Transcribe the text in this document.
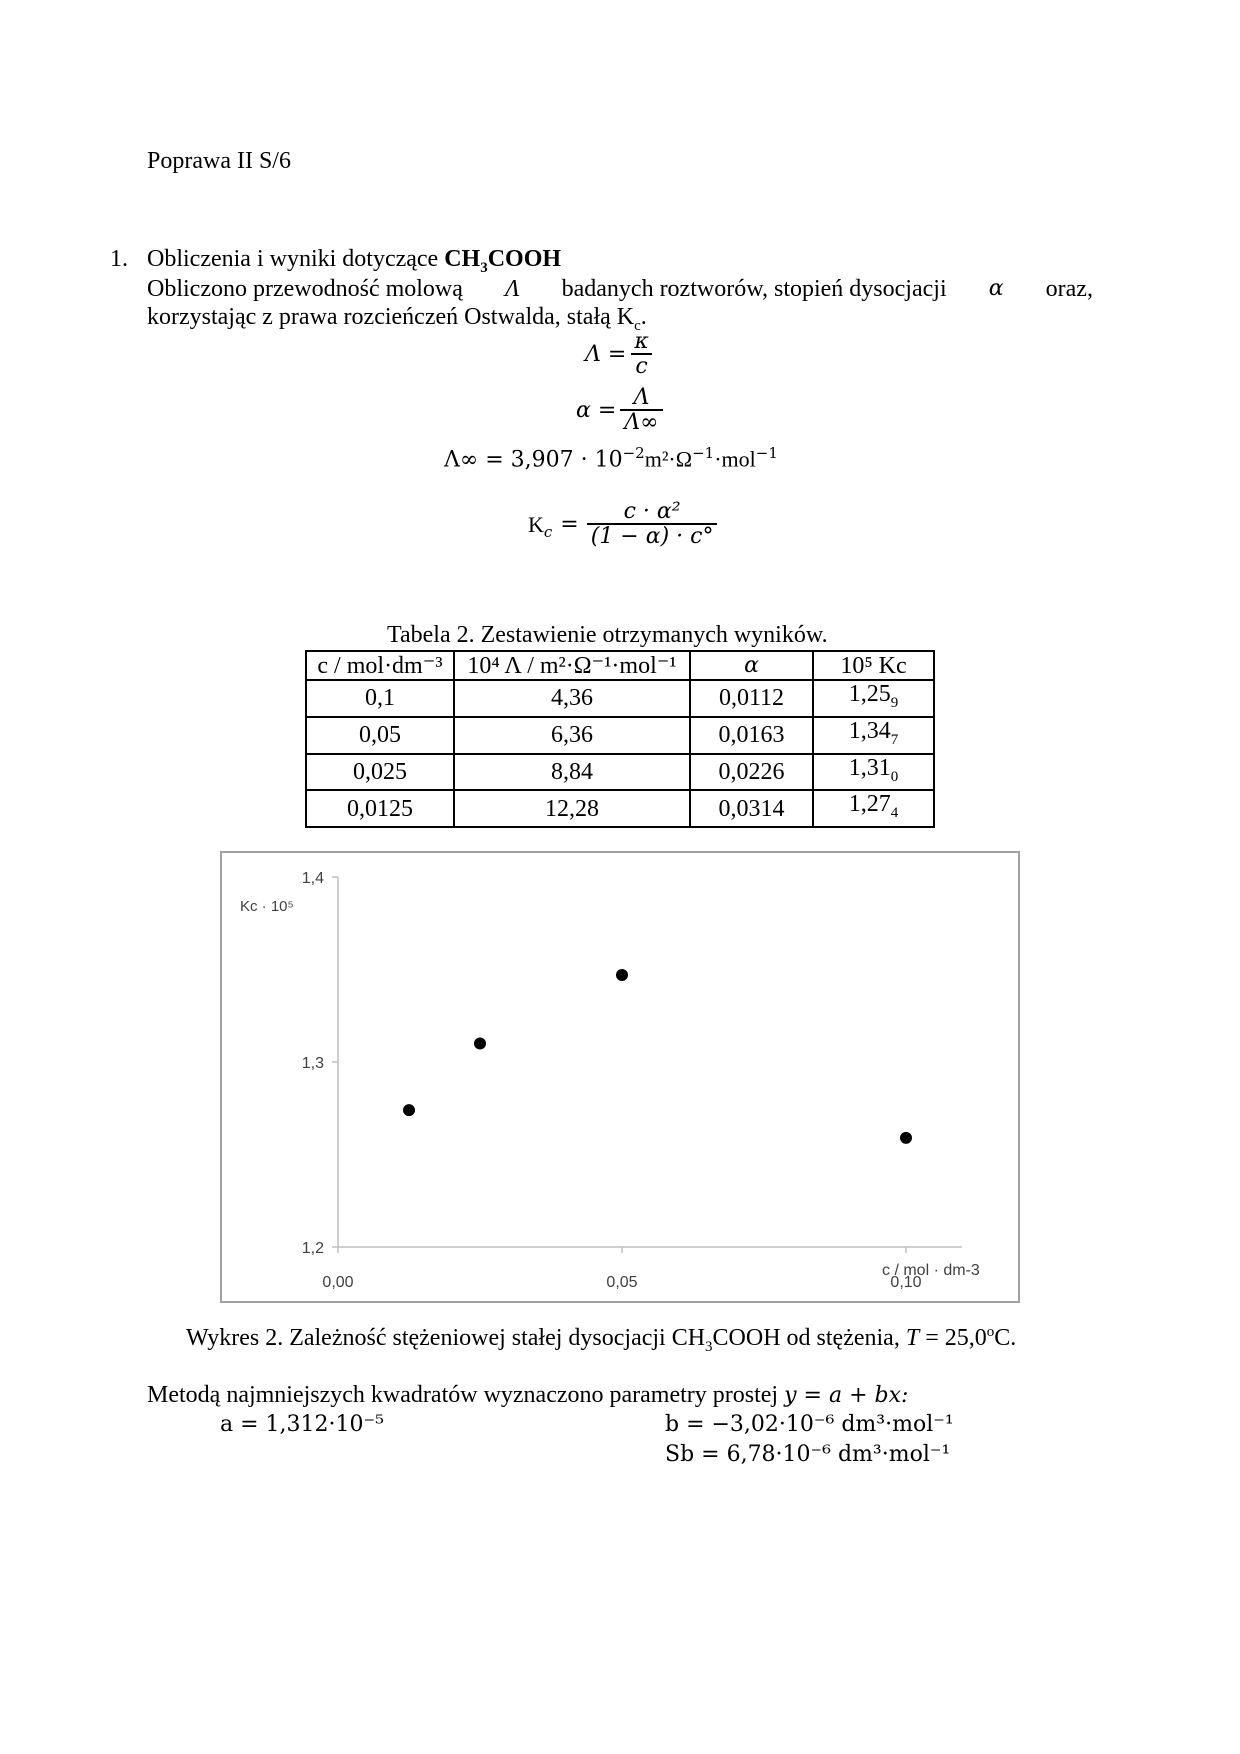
Poprawa II S/6
1. Obliczenia i wyniki dotyczące $CH_3COOH$
Obliczono przewodność molową Λ badanych roztworów, stopień dysocjacji α oraz,
korzystając z prawa rozcieńczeń Ostwalda, stałą $K_c$.
$\Lambda = \frac{\kappa}{c}$
$\alpha = \frac{\Lambda}{\Lambda\infty}$
$\Lambda\infty = 3,907 \cdot 10^{-2}m^2\cdot\Omega^{-1}\cdot mol^{-1}$
$K_c = \frac{\text{c · α²}}{(1 - \alpha) \cdot c^\circ}$
Tabela 2. Zestawienie otrzymanych wyników.
c / mol·dm⁻³	10⁴ Λ / m²·Ω⁻¹·mol⁻¹	α	10⁵ Kc
0,1	4,36	0,0112	$1,25_9$
0,05	6,36	0,0163	$1,34_7$
0,025	8,84	0,0226	$1,31_0$
0,0125	12,28	0,0314	$1,27_4$
Kc · 10⁵
c / mol · dm-3
1,2
1,3
1,4
0,00	0,05	0,10
Wykres 2. Zależność stężeniowej stałej dysocjacji $CH_3COOH$ od stężenia, $T = 25,0^oC$.
Metodą najmniejszych kwadratów wyznaczono parametry prostej y = a + bx:
a = 1,312·10⁻⁵	b = −3,02·10⁻⁶ dm³·mol⁻¹
Sb = 6,78·10⁻⁶ dm³·mol⁻¹
